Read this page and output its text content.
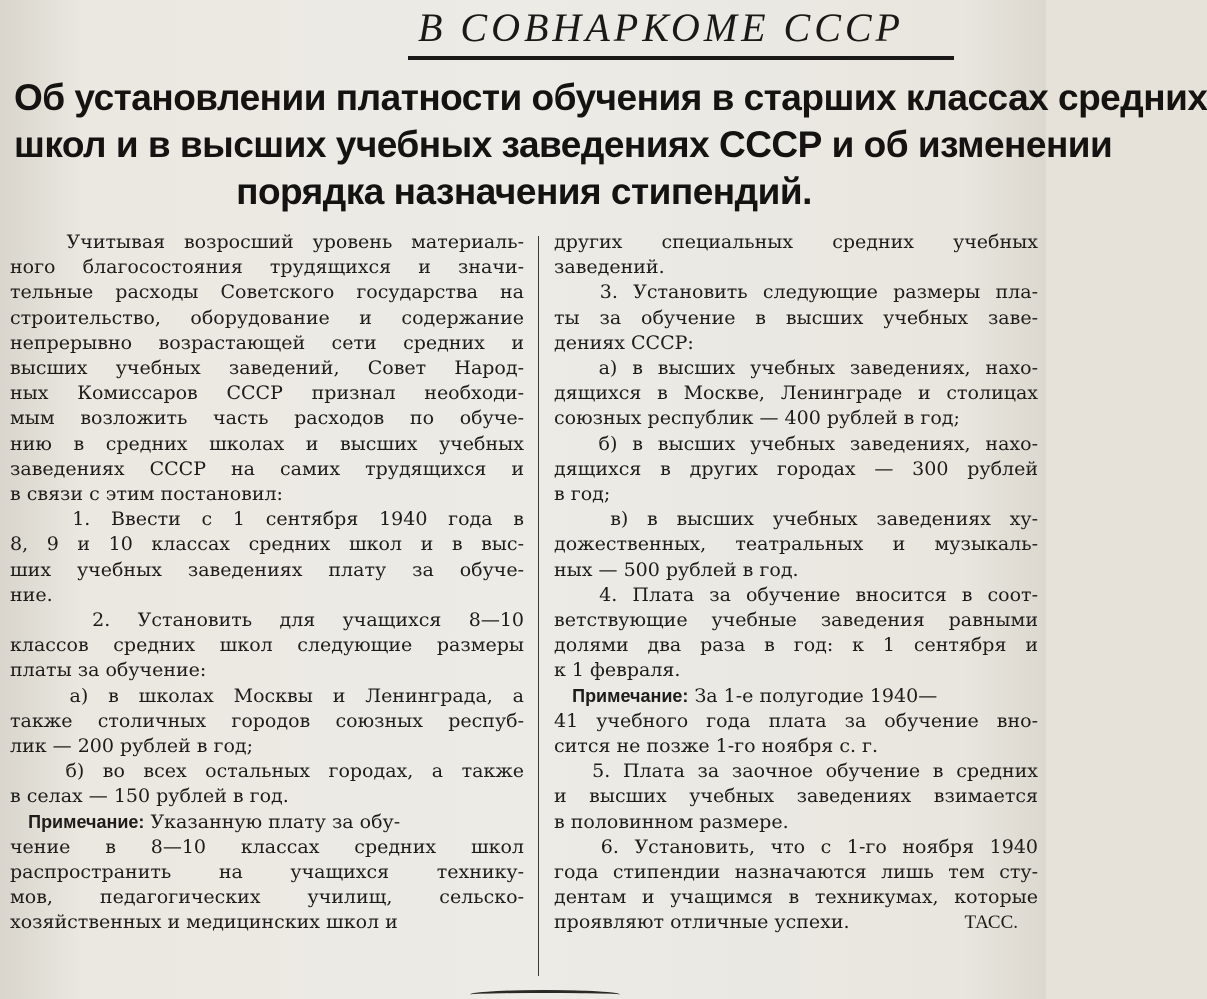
В СОВНАРКОМЕ СССР
Об установлении платности обучения в старших классах средних
школ и в высших учебных заведениях СССР и об изменении
порядка назначения стипендий.
Учитывая возросший уровень материаль-
ного благосостояния трудящихся и значи-
тельные расходы Советского государства на
строительство, оборудование и содержание
непрерывно возрастающей сети средних и
высших учебных заведений, Совет Народ-
ных Комиссаров СССР признал необходи-
мым возложить часть расходов по обуче-
нию в средних школах и высших учебных
заведениях СССР на самих трудящихся и
в связи с этим постановил:
1. Ввести с 1 сентября 1940 года в
8, 9 и 10 классах средних школ и в выс-
ших учебных заведениях плату за обуче-
ние.
2. Установить для учащихся 8—10
классов средних школ следующие размеры
платы за обучение:
а) в школах Москвы и Ленинграда, а
также столичных городов союзных респуб-
лик — 200 рублей в год;
б) во всех остальных городах, а также
в селах — 150 рублей в год.
Примечание: Указанную плату за обу-
чение в 8—10 классах средних школ
распространить на учащихся технику-
мов, педагогических училищ, сельско-
хозяйственных и медицинских школ и
других специальных средних учебных
заведений.
3. Установить следующие размеры пла-
ты за обучение в высших учебных заве-
дениях СССР:
а) в высших учебных заведениях, нахо-
дящихся в Москве, Ленинграде и столицах
союзных республик — 400 рублей в год;
б) в высших учебных заведениях, нахо-
дящихся в других городах — 300 рублей
в год;
в) в высших учебных заведениях ху-
дожественных, театральных и музыкаль-
ных — 500 рублей в год.
4. Плата за обучение вносится в соот-
ветствующие учебные заведения равными
долями два раза в год: к 1 сентября и
к 1 февраля.
Примечание: За 1-е полугодие 1940—
41 учебного года плата за обучение вно-
сится не позже 1-го ноября с. г.
5. Плата за заочное обучение в средних
и высших учебных заведениях взимается
в половинном размере.
6. Установить, что с 1-го ноября 1940
года стипендии назначаются лишь тем сту-
дентам и учащимся в техникумах, которые
проявляют отличные успехи.	ТАСС.
